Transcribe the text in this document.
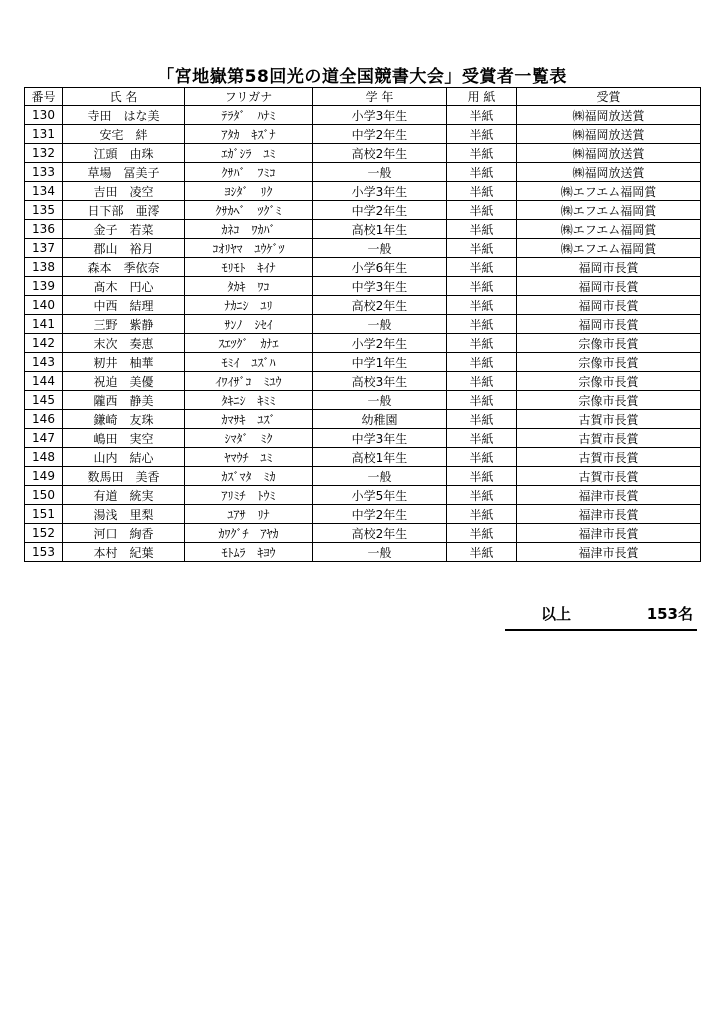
「宮地嶽第58回光の道全国競書大会」受賞者一覧表
番号	氏 名	フリガナ	学 年	用 紙	受賞
130	寺田　はな美	ﾃﾗﾀﾞ　ﾊﾅﾐ	小学3年生	半紙	㈱福岡放送賞
131	安宅　絆	ｱﾀｶ　ｷｽﾞﾅ	中学2年生	半紙	㈱福岡放送賞
132	江頭　由珠	ｴｶﾞｼﾗ　ﾕﾐ	高校2年生	半紙	㈱福岡放送賞
133	草場　冨美子	ｸｻﾊﾞ　ﾌﾐｺ	一般	半紙	㈱福岡放送賞
134	吉田　凌空	ﾖｼﾀﾞ　ﾘｸ	小学3年生	半紙	㈱エフエム福岡賞
135	日下部　亜澪	ｸｻｶﾍﾞ　ﾂｸﾞﾐ	中学2年生	半紙	㈱エフエム福岡賞
136	金子　若菜	ｶﾈｺ　ﾜｶﾊﾞ	高校1年生	半紙	㈱エフエム福岡賞
137	郡山　裕月	ｺｵﾘﾔﾏ　ﾕｳｹﾞﾂ	一般	半紙	㈱エフエム福岡賞
138	森本　季依奈	ﾓﾘﾓﾄ　ｷｲﾅ	小学6年生	半紙	福岡市長賞
139	髙木　円心	ﾀｶｷ　ﾜｺ	中学3年生	半紙	福岡市長賞
140	中西　結理	ﾅｶﾆｼ　ﾕﾘ	高校2年生	半紙	福岡市長賞
141	三野　紫静	ｻﾝﾉ　ｼｾｲ	一般	半紙	福岡市長賞
142	末次　奏恵	ｽｴﾂｸﾞ　ｶﾅｴ	小学2年生	半紙	宗像市長賞
143	籾井　柚華	ﾓﾐｲ　ﾕｽﾞﾊ	中学1年生	半紙	宗像市長賞
144	祝迫　美優	ｲﾜｲｻﾞｺ　ﾐﾕｳ	高校3年生	半紙	宗像市長賞
145	隴西　静美	ﾀｷﾆｼ　ｷﾐﾐ	一般	半紙	宗像市長賞
146	鎌崎　友珠	ｶﾏｻｷ　ﾕｽﾞ	幼稚園	半紙	古賀市長賞
147	嶋田　実空	ｼﾏﾀﾞ　ﾐｸ	中学3年生	半紙	古賀市長賞
148	山内　結心	ﾔﾏｳﾁ　ﾕﾐ	高校1年生	半紙	古賀市長賞
149	数馬田　美香	ｶｽﾞﾏﾀ　ﾐｶ	一般	半紙	古賀市長賞
150	有道　統実	ｱﾘﾐﾁ　ﾄｳﾐ	小学5年生	半紙	福津市長賞
151	湯浅　里梨	ﾕｱｻ　ﾘﾅ	中学2年生	半紙	福津市長賞
152	河口　絢香	ｶﾜｸﾞﾁ　ｱﾔｶ	高校2年生	半紙	福津市長賞
153	本村　紀葉	ﾓﾄﾑﾗ　ｷﾖｳ	一般	半紙	福津市長賞
以上	153名
